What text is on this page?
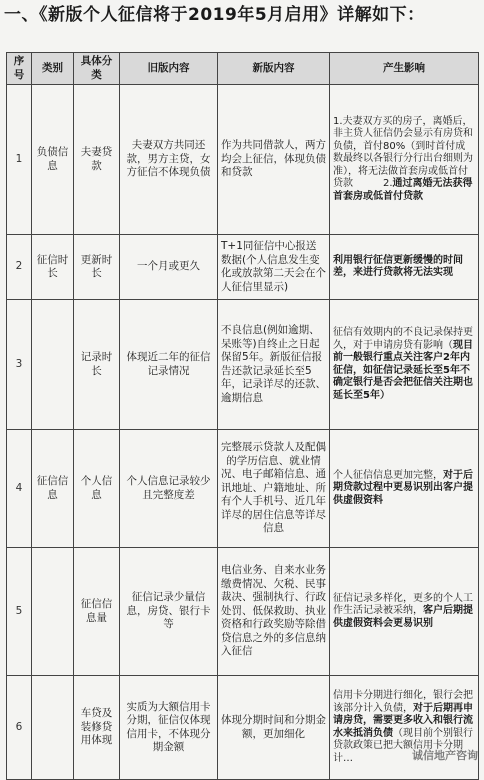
一、《新版个人征信将于2019年5月启用》详解如下：
序号	类别	具体分类	旧版内容	新版内容	产生影响
1	负债信息	夫妻贷款	夫妻双方共同还款，男方主贷，女方征信不体现负债	作为共同借款人，两方均会上征信，体现负债和贷款	1.夫妻双方买的房子，离婚后，非主贷人征信仍会显示有房贷和负债，首付80%（到时首付成数最终以各银行分行出台细则为准），将无法做首套房或低首付贷款　　　2.通过离婚无法获得首套房或低首付贷款
2	征信时长	更新时长	一个月或更久	T+1同征信中心报送数据(个人信息发生变化或放款第二天会在个人征信里显示)	利用银行征信更新缓慢的时间差，来进行贷款将无法实现
3		记录时长	体现近二年的征信记录情况	不良信息(例如逾期、呆账等)自终止之日起保留5年。新版征信报告还款记录延长至5年，记录详尽的还款、逾期信息	征信有效期内的不良记录保持更久，对于申请房贷有影响（现目前一般银行重点关注客户2年内征信，如征信记录延长至5年不确定银行是否会把征信关注期也延长至5年）
4	征信信息	个人信息	个人信息记录较少且完整度差	完整展示贷款人及配偶的学历信息、就业情况、电子邮箱信息、通讯地址、户籍地址、所有个人手机号、近几年详尽的居住信息等详尽信息	个人征信信息更加完整，对于后期贷款过程中更易识别出客户提供虚假资料
5		征信信息量	征信记录少量信息，房贷、银行卡等	电信业务、自来水业务缴费情况、欠税、民事裁决、强制执行、行政处罚、低保救助、执业资格和行政奖励等除借贷信息之外的多信息纳入征信	征信记录多样化，更多的个人工作生活记录被采纳，客户后期提供虚假资料会更易识别
6		车贷及装修贷用体现	实质为大额信用卡分期，征信仅体现信用卡，不体现分期金额	体现分期时间和分期金额，更加细化	信用卡分期进行细化，银行会把该部分计入负债，对于后期再申请房贷，需要更多收入和银行流水来抵消负债（现目前个别银行贷款政策已把大额信用卡分期计…	诚信地产咨询
